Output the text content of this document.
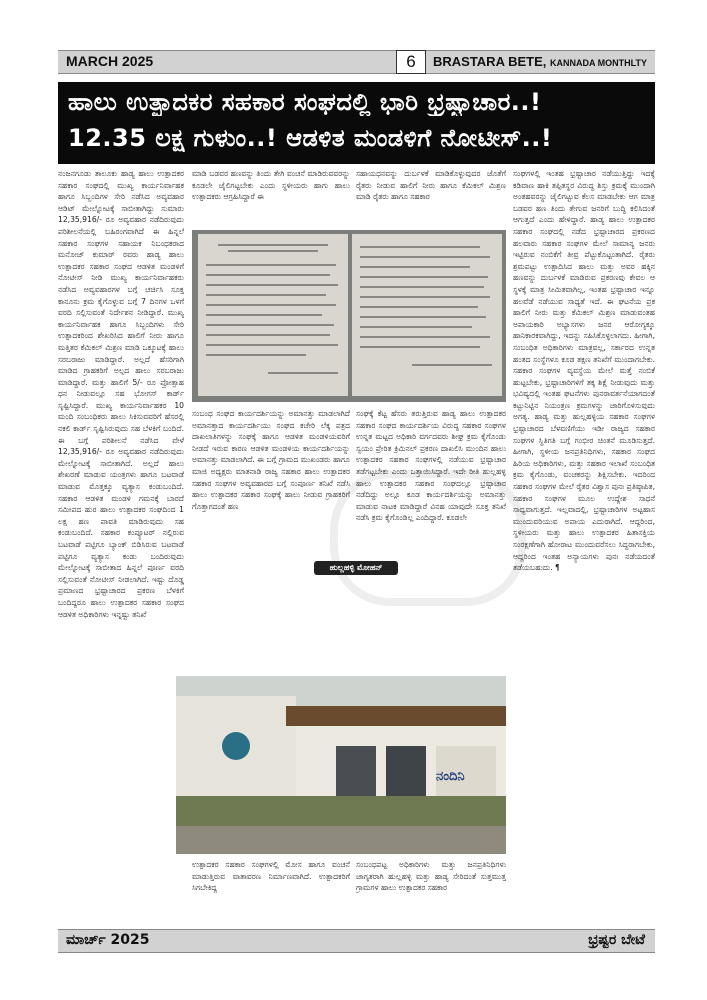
MARCH 2025	6	BRASTARA BETE, KANNADA MONTHLTY
ಹಾಲು ಉತ್ಪಾದಕರ ಸಹಕಾರ ಸಂಘದಲ್ಲಿ ಭಾರಿ ಭ್ರಷ್ಟಾಚಾರ..!
12.35 ಲಕ್ಷ ಗುಳುಂ..! ಆಡಳಿತ ಮಂಡಳಿಗೆ ನೋಟೀಸ್..!

ನಂಜನಗೂಡು ತಾಲೂಕು ಹಾಡ್ಯ ಹಾಲು ಉತ್ಪಾದಕರ ಸಹಕಾರ ಸಂಘದಲ್ಲಿ ಮುಖ್ಯ ಕಾರ್ಯನಿರ್ವಾಹಕ ಹಾಗೂ ಸಿಬ್ಬಂದಿಗಳ ಸೇರಿ ನಡೆಸಿದ ಅವ್ಯವಹಾರ ಆಡಿಟ್ ಮೇಲ್ನೋಟಕ್ಕೆ ಸಾಬೀತಾಗಿದ್ದು ಸುಮಾರು 12,35,916/- ರೂ ಅವ್ಯವಹಾರ ನಡೆದಿರುವುದು ಪರಿಶೀಲನೆಯಲ್ಲಿ ಬಹಿರಂಗವಾಗಿದೆ ಈ ಹಿನ್ನಲೆ ಸಹಕಾರ ಸಂಘಗಳ ಸಹಾಯಕ ನಿಬಂಧಕರಾದ ಮನೋಜ್ ಕುಮಾರ್ ರವರು ಹಾಡ್ಯ ಹಾಲು ಉತ್ಪಾದಕರ ಸಹಕಾರ ಸಂಘದ ಆಡಳಿತ ಮಂಡಳಿಗೆ ನೋಟೀಸ್ ನೀಡಿ ಮುಖ್ಯ ಕಾರ್ಯನಿರ್ವಾಹಕರು ನಡೆಸಿದ ಅವ್ಯವಹಾರಗಳ ಬಗ್ಗೆ ಚರ್ಚಿಸಿ ಸೂಕ್ತ ಕಾನೂನು ಕ್ರಮ ಕೈಗೊಳ್ಳುವ ಬಗ್ಗೆ 7 ದಿನಗಳ ಒಳಗೆ ವರದಿ ಸಲ್ಲಿಸುವಂತೆ ನಿರ್ದೇಶನ ನೀಡಿದ್ದಾರೆ. ಮುಖ್ಯ ಕಾರ್ಯನಿರ್ವಾಹಕ ಹಾಗೂ ಸಿಬ್ಬಂದಿಗಳು ಸೇರಿ ಉತ್ಪಾದಕರಿಂದ ಶೇಖರಿಸಿದ ಹಾಲಿಗೆ ನೀರು ಹಾಗೂ ಮತ್ತಿತರ ಕೆಮಿಕಲ್ ಮಿಶ್ರಣ ಮಾಡಿ ಒಕ್ಕೂಟಕ್ಕೆ ಹಾಲು ಸರಬರಾಜು ಮಾಡಿದ್ದಾರೆ. ಅಲ್ಲದೆ ಹೆಸರಿಗಾಗಿ ಮಾಡಿದ ಗ್ರಾಹಕರಿಗೆ ಅಲ್ಪದ ಹಾಲು ಸರಬರಾಜು ಮಾಡಿದ್ದಾರೆ. ಮತ್ತು ಹಾಲಿಗೆ 5/- ರೂ ಪ್ರೋತ್ಸಾಹ ಧನ ನೀಡುವಲ್ಲೂ ಸಹ ಭೋಗಸ್ ಕಾರ್ಡ್ ಸೃಷ್ಟಿಸಿದ್ದಾರೆ. ಮುಖ್ಯ ಕಾರ್ಯನಿರ್ವಾಹಕರ 10 ಮಂದಿ ಸಂಬಂಧಿಕರು ಹಾಲು ಸಿಕಿಸುವವರಿಗೆ ಹೆಸರಲ್ಲಿ ನಕಲಿ ಕಾರ್ಡ್ ಸೃಷ್ಟಿಸಿರುವುದು ಸಹ ಬೆಳಕಿಗೆ ಬಂದಿದೆ. ಈ ಬಗ್ಗೆ ಪರಿಶೀಲನೆ ನಡೆಸಿದ ವೇಳೆ 12,35,916/- ರೂ ಅವ್ಯವಹಾರ ನಡೆದಿರುವುದು ಮೇಲ್ನೋಟಕ್ಕೆ ಸಾಬೀತಾಗಿದೆ. ಅಲ್ಲದೆ ಹಾಲು ಶೇಖರಣೆ ಮಾಡುವ ಯಂತ್ರಗಳು ಹಾಗೂ ಬಟವಾಡೆ ಮಾಡುವ ಮೊತ್ತಕ್ಕೂ ವ್ಯತ್ಯಾಸ ಕಂಡುಬಂದಿದೆ. ಸಹಕಾರ ಆಡಳಿತ ಮಂಡಳಿ ಗಮನಕ್ಕೆ ಬಾರದೆ ಸಮೀಪದ ಹುರ ಹಾಲು ಉತ್ಪಾದಕರ ಸಂಘದಿಂದ 1 ಲಕ್ಷ ಹಣ ಪಾವತಿ ಮಾಡಿರುವುದು ಸಹ ಕಂಡುಬಂದಿದೆ. ಸಹಕಾರ ಕಂಪ್ಯೂಟರ್ ನಲ್ಲಿರುವ ಬಟವಾಡೆ ಪಟ್ಟಿಗೂ ಬ್ಯಾಂಕ್ ಬಿಡಿಸಿರುವ ಬಟವಾಡೆ ಪಟ್ಟಿಗೂ ವ್ಯತ್ಯಾಸ ಕಂಡು ಬಂದಿರುವುದು ಮೇಲ್ನೋಟಕ್ಕೆ ಸಾಬೀತಾದ ಹಿನ್ನಲೆ ಪೂರ್ಣ ವರದಿ ಸಲ್ಲಿಸುವಂತೆ ನೋಟೀಸ್ ನೀಡಲಾಗಿದೆ. ಇಷ್ಟು ದೊಡ್ಡ ಪ್ರಮಾಣದ ಭ್ರಷ್ಟಾಚಾರದ ಪ್ರಕರಣ ಬೆಳಕಿಗೆ ಬಂದಿದ್ದರೂ ಹಾಲು ಉತ್ಪಾದಕರ ಸಹಕಾರ ಸಂಘದ ಆಡಳಿತ ಅಧಿಕಾರಿಗಳು ಇನ್ನಷ್ಟು ತನಿಖೆ

ಮಾಡಿ ಬಡವರ ಹಣವನ್ನು ತಿಂದು ತೇಗಿ ವಂಚನೆ ಮಾಡಿರುವವರನ್ನು ಕೂಡಲೇ ಜೈಲಿಗಟ್ಟಬೇಕು ಎಂದು ಸ್ಥಳೀಯರು ಹಾಗು ಹಾಲು ಉತ್ಪಾದಕರು ಆಗ್ರಹಿಸಿದ್ದಾರೆ ಈ

ಸಹಾಯಧನವನ್ನು ದುರ್ಬಳಕೆ ಮಾಡಿಕೊಳ್ಳುವುದರ ಜೊತೆಗೆ ರೈತರು ನೀಡುವ ಹಾಲಿಗೆ ನೀರು ಹಾಗೂ ಕೆಮಿಕಲ್ ಮಿಶ್ರಣ ಮಾಡಿ ರೈತರು ಹಾಗೂ ಸಹಕಾರ

ಸಂಬಂಧ ಸಂಘದ ಕಾರ್ಯದರ್ಶಿಯನ್ನು ಅಮಾನತ್ತು ಮಾಡಲಾಗಿದೆ ಅಮಾನತ್ತಾದ ಕಾರ್ಯದರ್ಶಿಯು ಸಂಘದ ಕಚೇರಿ ಲೆಕ್ಕ ಪತ್ರದ ದಾಖಲಾತಿಗಳನ್ನು ಸಂಘಕ್ಕೆ ಹಾಗೂ ಆಡಳಿತ ಮಂಡಳಿಯವರಿಗೆ ನೀಡದೆ ಇರುವ ಕಾರಣ ಆಡಳಿತ ಮಂಡಳಿಯ ಕಾರ್ಯದರ್ಶಿಯನ್ನು ಅಮಾನತ್ತು ಮಾಡಲಾಗಿದೆ. ಈ ಬಗ್ಗೆ ಗ್ರಾಮದ ಮುಖಂಡರು ಹಾಗೂ ಮಾಜಿ ಅಧ್ಯಕ್ಷರು ಮಾತನಾಡಿ ರಾಜ್ಯ ಸಹಕಾರ ಹಾಲು ಉತ್ಪಾದಕರ ಸಹಕಾರ ಸಂಘಗಳ ಅವ್ಯವಹಾರದ ಬಗ್ಗೆ ಸಂಪೂರ್ಣ ತನಿಖೆ ನಡೆಸಿ ಹಾಲು ಉತ್ಪಾದಕರ ಸಹಕಾರ ಸಂಘಕ್ಕೆ ಹಾಲು ನೀಡುವ ಗ್ರಾಹಕರಿಗೆ ಗೊತ್ತಾಗದಂತೆ ಹಣ

ಸಂಘಕ್ಕೆ ಕೆಟ್ಟ ಹೆಸರು ತರುತ್ತಿರುವ ಹಾಡ್ಯ ಹಾಲು ಉತ್ಪಾದಕರ ಸಹಕಾರ ಸಂಘದ ಕಾರ್ಯದರ್ಶಿಯ ವಿರುದ್ಧ ಸಹಕಾರ ಸಂಘಗಳ ಉನ್ನತ ಮಟ್ಟದ ಅಧಿಕಾರಿ ವರ್ಗದವರು ಶೀಘ್ರ ಕ್ರಮ ಕೈಗೊಂಡು ಸ್ವಯಂ ಪ್ರೇರಿತ ಕ್ರಿಮಿನಲ್ ಪ್ರಕರಣ ದಾಖಲಿಸಿ ಮುಂದಿನ ಹಾಲು ಉತ್ಪಾದಕರ ಸಹಕಾರ ಸಂಘಗಳಲ್ಲಿ ನಡೆಯುವ ಭ್ರಷ್ಟಾಚಾರ ತಡೆಗಟ್ಟಬೇಕು ಎಂದು ಒತ್ತಾಯಿಸಿದ್ದಾರೆ. ಇದೇ ರೀತಿ ಹುಲ್ಲಹಳ್ಳಿ ಹಾಲು ಉತ್ಪಾದಕರ ಸಹಕಾರ ಸಂಘದಲ್ಲೂ ಭ್ರಷ್ಟಾಚಾರ ನಡೆದಿದ್ದು ಅಲ್ಲೂ ಕೂಡ ಕಾರ್ಯದರ್ಶಿಯನ್ನು ಅಮಾನತ್ತು ಮಾಡುವ ನಾಟಕ ಮಾಡಿದ್ದಾರೆ ವಿನಹ ಯಾವುದೇ ಸೂಕ್ತ ತನಿಖೆ ನಡೆಸಿ ಕ್ರಮ ಕೈಗೊಂಡಿಲ್ಲ ಎಂದಿದ್ದಾರೆ. ಕೂಡಲೇ

ಹುಲ್ಲಹಳ್ಳಿ ಮೋಹನ್
ನಂದಿನಿ

ಉತ್ಪಾದಕರ ಸಹಕಾರ ಸಂಘಗಳಲ್ಲಿ ಮೋಸ ಹಾಗೂ ವಂಚನೆ ಮಾಡುತ್ತಿರುವ ವಾತಾವರಣ ನಿರ್ಮಾಣವಾಗಿದೆ. ಉತ್ಪಾದಕರಿಗೆ ಸಿಗಬೇಕಿದ್ದ

ಸಂಬಂಧಪಟ್ಟ ಅಧಿಕಾರಿಗಳು ಮತ್ತು ಜನಪ್ರತಿನಿಧಿಗಳು ಜಾಗೃತರಾಗಿ ಹುಲ್ಲಹಳ್ಳಿ ಮತ್ತು ಹಾಡ್ಯ ಸೇರಿದಂತೆ ಸುತ್ತಮುತ್ತ ಗ್ರಾಮಗಳ ಹಾಲು ಉತ್ಪಾದಕರ ಸಹಕಾರ

ಸಂಘಗಳಲ್ಲಿ ಇಂತಹ ಭ್ರಷ್ಟಾಚಾರ ನಡೆಯುತ್ತಿದ್ದು ಇದಕ್ಕೆ ಕಡಿವಾಣ ಹಾಕಿ ತಪ್ಪಿತಸ್ಥರ ವಿರುದ್ಧ ಶಿಸ್ತು ಕ್ರಮಕ್ಕೆ ಮುಂದಾಗಿ ಅಂತಹವರನ್ನು ಜೈಲಿಗಟ್ಟುವ ಕೆಲಸ ಮಾಡಬೇಕು ಆಗ ಮಾತ್ರ ಬಡವರ ಹಣ ತಿಂದು ತೇಗುವ ಜನರಿಗೆ ಬುದ್ಧಿ ಕಲಿಸಿದಂತೆ ಆಗುತ್ತದೆ ಎಂದು ಹೇಳಿದ್ದಾರೆ. ಹಾಡ್ಯ ಹಾಲು ಉತ್ಪಾದಕರ ಸಹಕಾರ ಸಂಘದಲ್ಲಿ ನಡೆದ ಭ್ರಷ್ಟಾಚಾರದ ಪ್ರಕರಣದ ಹಲವಾರು ಸಹಕಾರ ಸಂಘಗಳ ಮೇಲೆ ಸಾಮಾನ್ಯ ಜನರು ಇಟ್ಟಿರುವ ನಂಬಿಕೆಗೆ ತೀವ್ರ ಪೆಟ್ಟುಕೊಟ್ಟಂತಾಗಿದೆ. ರೈತರು ಶ್ರಮಪಟ್ಟು ಉತ್ಪಾದಿಸಿದ ಹಾಲು ಮತ್ತು ಅವರ ಹಕ್ಕಿನ ಹಣವನ್ನು ದುರ್ಬಳಕೆ ಮಾಡಿರುವ ಪ್ರಕರಣವು ಕೇವಲ ಆ ಸ್ಥಳಕ್ಕೆ ಮಾತ್ರ ಸೀಮಿತವಾಗಿಲ್ಲ, ಇಂತಹ ಭ್ರಷ್ಟಾಚಾರ ಇನ್ನೂ ಹಲವೆಡೆ ನಡೆಯುವ ಸಾಧ್ಯತೆ ಇದೆ. ಈ ಘಟನೆಯ ಪ್ರಕ ಹಾಲಿಗೆ ನೀರು ಮತ್ತು ಕೆಮಿಕಲ್ ಮಿಶ್ರಣ ಮಾಡುವಂತಹ ಅಪಾಯಕಾರಿ ಅಭ್ಯಾಸಗಳು ಜನರ ಆರೋಗ್ಯಕ್ಕೂ ಹಾನಿಕಾರಕವಾಗಿದ್ದು, ಇದನ್ನು ಸಹಿಸಿಕೊಳ್ಳಲಾಗದು. ಹೀಗಾಗಿ, ಸಂಬಂಧಿತ ಅಧಿಕಾರಿಗಳು ಮಾತ್ರವಲ್ಲ, ಸರ್ಕಾರದ ಉನ್ನತ ಹಂತದ ಸಂಸ್ಥೆಗಳೂ ಕೂಡ ತಕ್ಷಣ ತನಿಖೆಗೆ ಮುಂದಾಗಬೇಕು. ಸಹಕಾರ ಸಂಘಗಳ ವ್ಯವಸ್ಥೆಯ ಮೇಲೆ ಮತ್ತೆ ನಂಬಿಕೆ ಹುಟ್ಟಬೇಕು, ಭ್ರಷ್ಟಾಚಾರಿಗಳಿಗೆ ತಕ್ಕ ಶಿಕ್ಷೆ ನೀಡುವುದು ಮತ್ತು ಭವಿಷ್ಯದಲ್ಲಿ ಇಂತಹ ಘಟನೆಗಳು ಪುನರಾವರ್ತನೆಯಾಗದಂತೆ ಕಟ್ಟುನಿಟ್ಟಿನ ನಿಯಂತ್ರಣ ಕ್ರಮಗಳನ್ನು ಜಾರಿಗೊಳಿಸುವುದು ಅಗತ್ಯ. ಹಾಡ್ಯ ಮತ್ತು ಹುಲ್ಲಹಳ್ಳಿಯ ಸಹಕಾರ ಸಂಘಗಳ ಭ್ರಷ್ಟಾಚಾರದ ಬೆಳವಣಿಗೆಯು ಇಡೀ ರಾಜ್ಯದ ಸಹಕಾರ ಸಂಘಗಳ ಸ್ಥಿತಿಗತಿ ಬಗ್ಗೆ ಗಂಭೀರ ಚಿಂತನೆ ಮೂಡಿಸುತ್ತದೆ. ಹೀಗಾಗಿ, ಸ್ಥಳೀಯ ಜನಪ್ರತಿನಿಧಿಗಳು, ಸಹಕಾರ ಸಂಘದ ಹಿರಿಯ ಅಧಿಕಾರಿಗಳು, ಮತ್ತು ಸಹಕಾರ ಇಲಾಖೆ ಸಂಬಂಧಿತ ಕ್ರಮ ಕೈಗೊಂಡು, ವಂಚಕರನ್ನು ಶಿಕ್ಷಿಸಬೇಕು. ಇದರಿಂದ ಸಹಕಾರ ಸಂಘಗಳ ಮೇಲೆ ರೈತರ ವಿಶ್ವಾಸ ಪುನಃ ಪ್ರತಿಷ್ಠಾಪಿತ, ಸಹಕಾರ ಸಂಘಗಳ ಮೂಲ ಉದ್ದೇಶ ಸಾಧನೆ ಸಾಧ್ಯವಾಗುತ್ತದೆ. ಇಲ್ಲವಾದಲ್ಲಿ, ಭ್ರಷ್ಟಾಚಾರಿಗಳ ಅಟ್ಟಹಾಸ ಮುಂದುವರಿಯುವ ಅಪಾಯ ಎದುರಾಗಿದೆ. ಆದ್ದರಿಂದ, ಸ್ಥಳೀಯರು ಮತ್ತು ಹಾಲು ಉತ್ಪಾದಕರ ಹಿತಾಸಕ್ತಿಯ ಸಂರಕ್ಷಣೆಗಾಗಿ ಹೋರಾಟ ಮುಂದುವರೆಸಲು ಸಿದ್ಧರಾಗಬೇಕು, ಆದ್ದರಿಂದ ಇಂತಹ ಅನ್ಯಾಯಗಳು ಪುನಃ ನಡೆಯದಂತೆ ತಡೆಯಬಹುದು. ¶

ಮಾರ್ಚ್ 2025	ಭ್ರಷ್ಟರ ಬೇಟೆ
